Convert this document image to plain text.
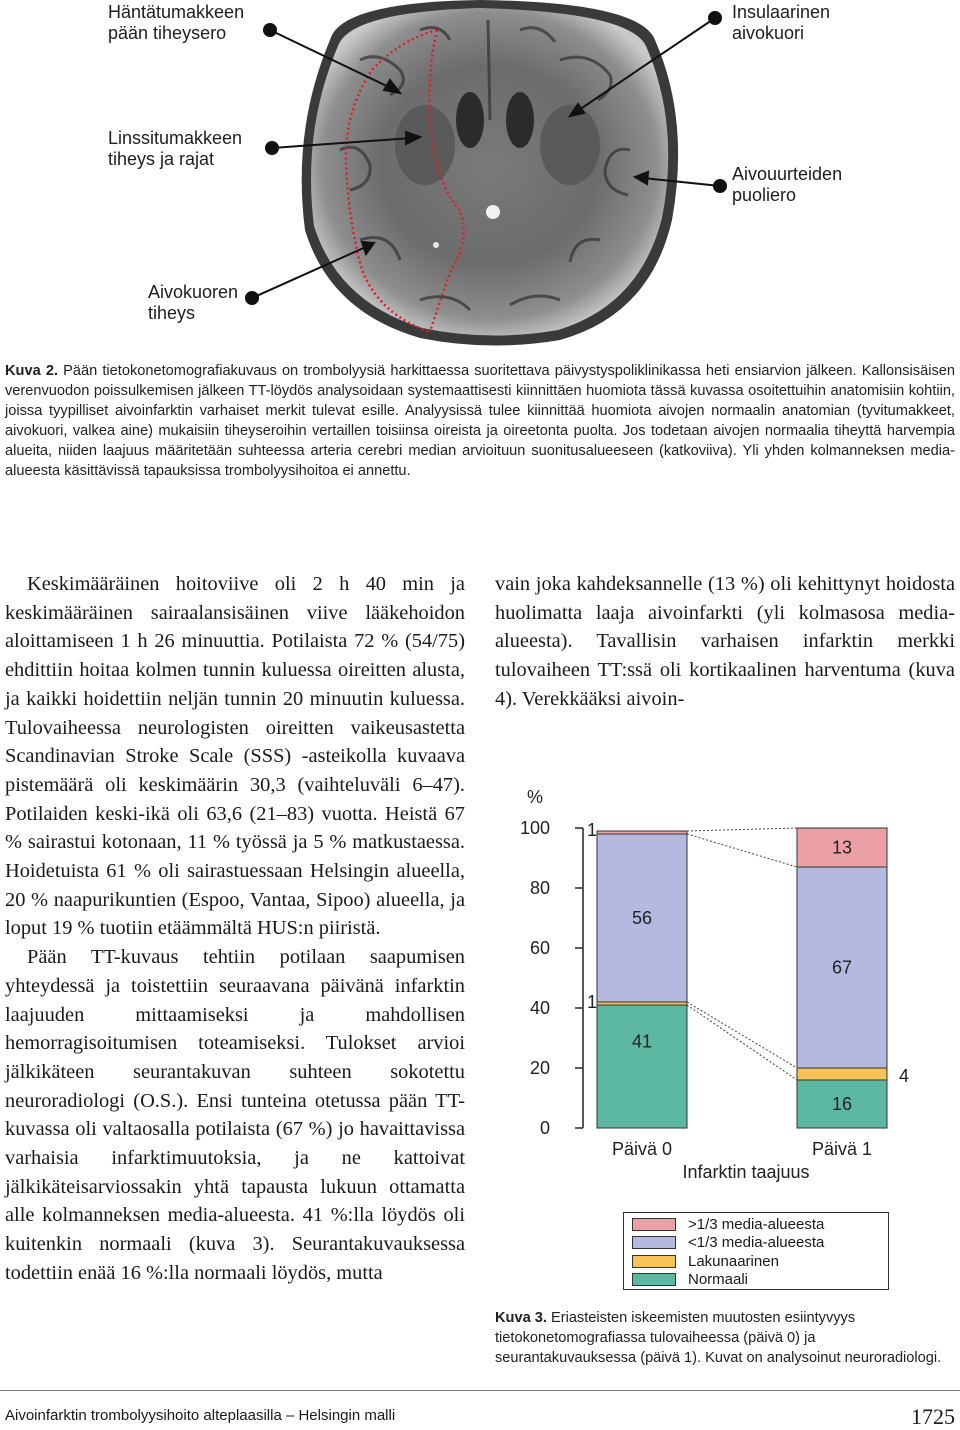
Häntätumakkeen
pään tiheysero
Linssitumakkeen
tiheys ja rajat
Aivokuoren
tiheys
Insulaarinen
aivokuori
Aivouurteiden
puoliero
Kuva 2. Pään tietokonetomografiakuvaus on trombolyysiä harkittaessa suoritettava päivystyspoliklinikassa heti ensiarvion jälkeen. Kallonsisäisen verenvuodon poissulkemisen jälkeen TT-löydös analysoidaan systemaattisesti kiinnittäen huomiota tässä kuvassa osoitettuihin anatomisiin kohtiin, joissa tyypilliset aivoinfarktin varhaiset merkit tulevat esille. Analyysissä tulee kiinnittää huomiota aivojen normaalin anatomian (tyvitumakkeet, aivokuori, valkea aine) mukaisiin tiheyseroihin vertaillen toisiinsa oireista ja oireetonta puolta. Jos todetaan aivojen normaalia tiheyttä harvempia alueita, niiden laajuus määritetään suhteessa arteria cerebri median arvioituun suonitusalueeseen (katkoviiva). Yli yhden kolmanneksen media-alueesta käsittävissä tapauksissa trombolyysihoitoa ei annettu.

Keskimääräinen hoitoviive oli 2 h 40 min ja keskimääräinen sairaalansisäinen viive lääkehoidon aloittamiseen 1 h 26 minuuttia. Potilaista 72 % (54/75) ehdittiin hoitaa kolmen tunnin kuluessa oireitten alusta, ja kaikki hoidettiin neljän tunnin 20 minuutin kuluessa. Tulovaiheessa neurologisten oireitten vaikeusastetta Scandinavian Stroke Scale (SSS) -asteikolla kuvaava pistemäärä oli keskimäärin 30,3 (vaihteluväli 6–47). Potilaiden keski-ikä oli 63,6 (21–83) vuotta. Heistä 67 % sairastui kotonaan, 11 % työssä ja 5 % matkustaessa. Hoidetuista 61 % oli sairastuessaan Helsingin alueella, 20 % naapurikuntien (Espoo, Vantaa, Sipoo) alueella, ja loput 19 % tuotiin etäämmältä HUS:n piiristä.

Pään TT-kuvaus tehtiin potilaan saapumisen yhteydessä ja toistettiin seuraavana päivänä infarktin laajuuden mittaamiseksi ja mahdollisen hemorragisoitumisen toteamiseksi. Tulokset arvioi jälkikäteen seurantakuvan suhteen sokotettu neuroradiologi (O.S.). Ensi tunteina otetussa pään TT-kuvassa oli valtaosalla potilaista (67 %) jo havaittavissa varhaisia infarktimuutoksia, ja ne kattoivat jälkikäteisarviossakin yhtä tapausta lukuun ottamatta alle kolmanneksen media-alueesta. 41 %:lla löydös oli kuitenkin normaali (kuva 3). Seurantakuvauksessa todettiin enää 16 %:lla normaali löydös, mutta

vain joka kahdeksannelle (13 %) oli kehittynyt hoidosta huolimatta laaja aivoinfarkti (yli kolmasosa media-alueesta). Tavallisin varhaisen infarktin merkki tulovaiheen TT:ssä oli kortikaalinen harventuma (kuva 4). Verekkääksi aivoin-

%
100
80
60
40
20
0
41
56
1
1
16
67
13
4
Päivä 0	Päivä 1
Infarktin taajuus
>1/3 media-alueesta
<1/3 media-alueesta
Lakunaarinen
Normaali
Kuva 3. Eriasteisten iskeemisten muutosten esiintyvyys tietokonetomografiassa tulovaiheessa (päivä 0) ja seurantakuvauksessa (päivä 1). Kuvat on analysoinut neuroradiologi.
Aivoinfarktin trombolyysihoito alteplaasilla – Helsingin malli	1725
